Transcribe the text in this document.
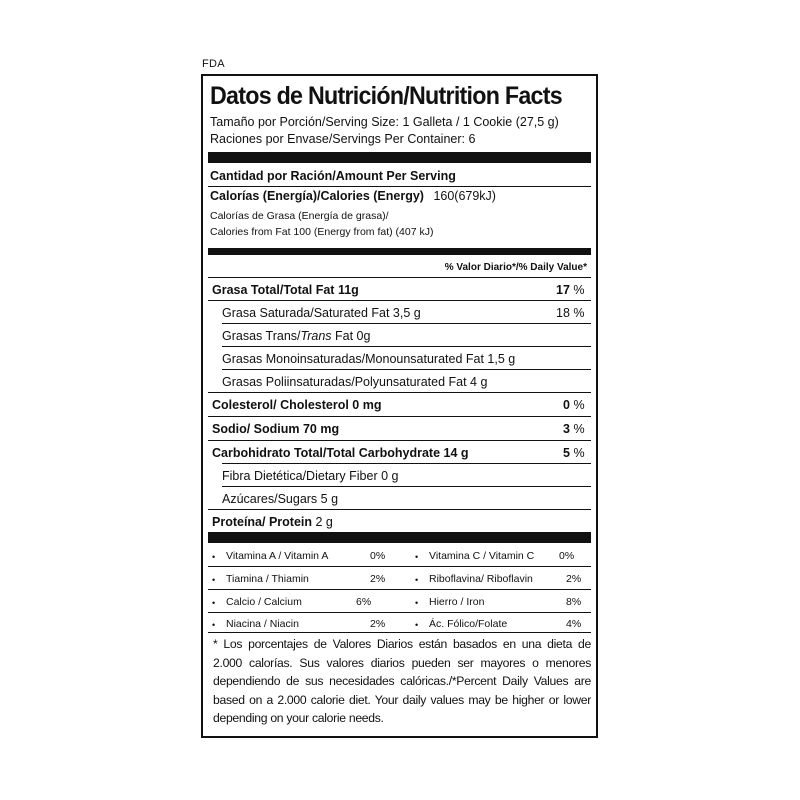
FDA
Datos de Nutrición/Nutrition Facts
Tamaño por Porción/Serving Size: 1 Galleta / 1 Cookie (27,5 g)
Raciones por Envase/Servings Per Container: 6
Cantidad por Ración/Amount Per Serving
Calorías (Energía)/Calories (Energy) 160(679kJ)
Calorías de Grasa (Energía de grasa)/
Calories from Fat 100 (Energy from fat) (407 kJ)
% Valor Diario*/% Daily Value*
Grasa Total/Total Fat 11g	17 %
Grasa Saturada/Saturated Fat 3,5 g	18 %
Grasas Trans/Trans Fat 0g
Grasas Monoinsaturadas/Monounsaturated Fat 1,5 g
Grasas Poliinsaturadas/Polyunsaturated Fat 4 g
Colesterol/ Cholesterol 0 mg	0 %
Sodio/ Sodium 70 mg	3 %
Carbohidrato Total/Total Carbohydrate 14 g	5 %
Fibra Dietética/Dietary Fiber 0 g
Azúcares/Sugars 5 g
Proteína/ Protein 2 g
• Vitamina A / Vitamin A	0%	• Vitamina C / Vitamin C 0%
• Tiamina / Thiamin	2%	• Riboflavina/ Riboflavin	2%
• Calcio / Calcium	6%	• Hierro / Iron	8%
• Niacina / Niacin	2%	• Ác. Fólico/Folate	4%
* Los porcentajes de Valores Diarios están basados en una dieta de 2.000 calorías. Sus valores diarios pueden ser mayores o menores dependiendo de sus necesidades calóricas./*Percent Daily Values are based on a 2.000 calorie diet. Your daily values may be higher or lower depending on your calorie needs.
